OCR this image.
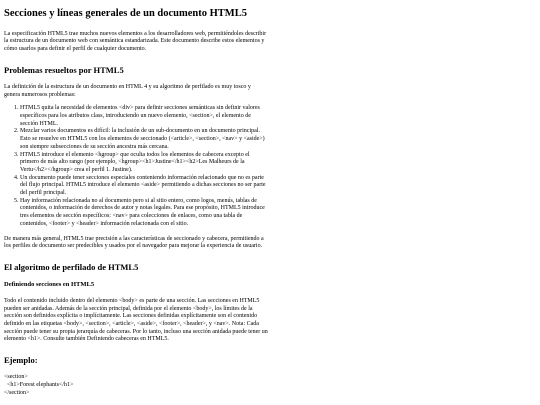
Secciones y líneas generales de un documento HTML5

La especificación HTML5 trae muchos nuevos elementos a los desarrolladores web, permitiéndoles describir la estructura de un documento web con semántica estandarizada. Este documento describe estos elementos y cómo usarlos para definir el perfil de cualquier documento.

Problemas resueltos por HTML5

La definición de la estructura de un documento en HTML 4 y su algoritmo de perfilado es muy tosco y genera numerosos problemas:

1. HTML5 quita la necesidad de elementos <div> para definir secciones semánticas sin definir valores específicos para los atributos class, introduciendo un nuevo elemento, <section>, el elemento de sección HTML.
2. Mezclar varios documentos es difícil: la inclusión de un sub-documento en un documento principal. Esto se resuelve en HTML5 con los elementos de seccionado (<article>, <section>, <nav> y <aside>) son siempre subsecciones de su sección ancestra más cercana.
3. HTML5 introduce el elemento <hgroup> que oculta todos los elementos de cabecera excepto el primero de más alto rango (por ejemplo, <hgroup><h1>Justine</h1><h2>Les Malheurs de la Vertu</h2></hgroup> crea el perfil 1. Justine).
4. Un documento puede tener secciones especiales conteniendo información relacionado que no es parte del flujo principal. HTML5 introduce el elemento <aside> permitiendo a dichas secciones no ser parte del perfil principal.
5. Hay información relacionada no al documento pero si al sitio entero, como logos, menús, tablas de contenidos, o información de derechos de autor y notas legales. Para ese propósito, HTML5 introduce tres elementos de sección específicos: <nav> para colecciones de enlaces, como una tabla de contenidos, <footer> y <header> información relacionada con el sitio.

De manera más general, HTML5 trae precisión a las características de seccionado y cabecera, permitiendo a los perfiles de documento ser predecibles y usados por el navegador para mejorar la experiencia de usuario.

El algoritmo de perfilado de HTML5
Definiendo secciones en HTML5

Todo el contenido incluido dentro del elemento <body> es parte de una sección. Las secciones en HTML5 pueden ser anidadas. Además de la sección principal, definida por el elemento <body>, los límites de la sección son definidos explícita o implícitamente. Las secciones definidas explícitamente son el contenido definido en las etiquetas <body>, <section>, <article>, <aside>, <footer>, <header>, y <nav>. Nota: Cada sección puede tener su propia jerarquía de cabeceras. Por lo tanto, incluso una sección anidada puede tener un elemento <h1>. Consulte también Definiendo cabeceras en HTML5.

Ejemplo:
<section>
<h1>Forest elephants</h1>
</section>
